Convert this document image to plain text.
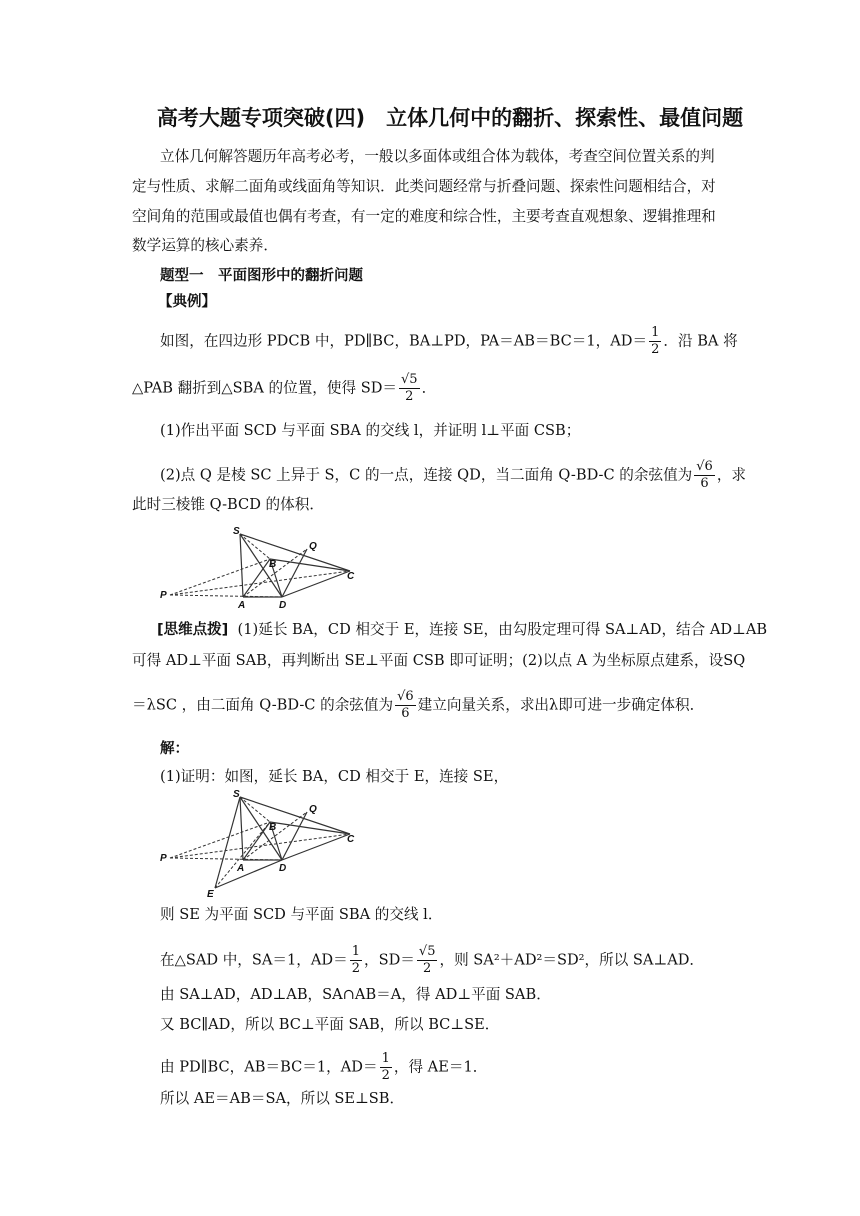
高考大题专项突破(四)　立体几何中的翻折、探索性、最值问题
立体几何解答题历年高考必考，一般以多面体或组合体为载体，考查空间位置关系的判
定与性质、求解二面角或线面角等知识．此类问题经常与折叠问题、探索性问题相结合，对
空间角的范围或最值也偶有考查，有一定的难度和综合性，主要考查直观想象、逻辑推理和
数学运算的核心素养．
题型一　平面图形中的翻折问题
【典例】
如图，在四边形 PDCB 中，PD∥BC，BA⊥PD，PA＝AB＝BC＝1，$AD= \frac{1}{2}$ ．沿 BA 将
△PAB 翻折到△SBA 的位置，使得 $SD= \frac{√5}{2}$ ．
(1)作出平面 SCD 与平面 SBA 的交线 l，并证明 l⊥平面 CSB；
(2)点 Q 是棱 SC 上异于 S，C 的一点，连接 QD，当二面角 Q-BD-C 的余弦值为 $\frac{√6}{6}$ ，求
此时三棱锥 Q-BCD 的体积．
S
Q
B
C
P
A	D
[思维点拨] (1)延长 BA，CD 相交于 E，连接 SE，由勾股定理可得 SA⊥AD，结合 AD⊥AB
可得 AD⊥平面 SAB，再判断出 SE⊥平面 CSB 即可证明；(2)以点 A 为坐标原点建系，设SQ
＝λSC ，由二面角 Q-BD-C 的余弦值为 $\frac{√6}{6}$ 建立向量关系，求出λ即可进一步确定体积．
解：
(1)证明：如图，延长 BA，CD 相交于 E，连接 SE，
S
Q
B
C
P
A	D
E
则 SE 为平面 SCD 与平面 SBA 的交线 l．
在△SAD 中，SA＝1，$AD= \frac{1}{2}$ ，$SD= \frac{√5}{2}$ ，则 SA²＋AD²＝SD²，所以 SA⊥AD．
由 SA⊥AD，AD⊥AB，SA∩AB＝A，得 AD⊥平面 SAB．
又 BC∥AD，所以 BC⊥平面 SAB，所以 BC⊥SE．
由 PD∥BC，AB＝BC＝1，$AD= \frac{1}{2}$ ，得 AE＝1．
所以 AE＝AB＝SA，所以 SE⊥SB．
